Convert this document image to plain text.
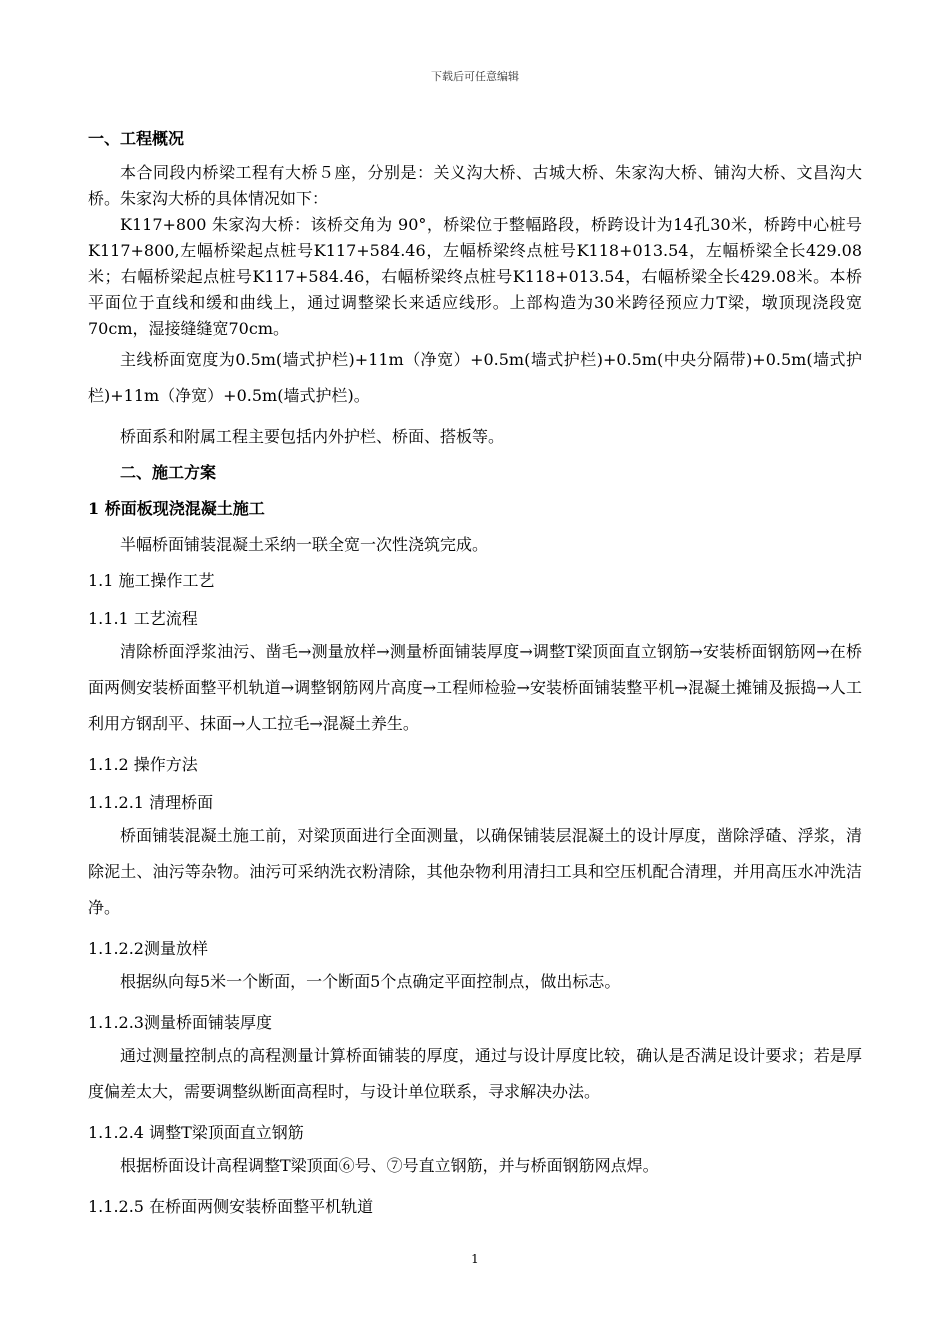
下载后可任意编辑

一、工程概况

本合同段内桥梁工程有大桥５座，分别是：关义沟大桥、古城大桥、朱家沟大桥、铺沟大桥、文昌沟大桥。朱家沟大桥的具体情况如下：

K117+800 朱家沟大桥：该桥交角为 90°，桥梁位于整幅路段，桥跨设计为14孔30米，桥跨中心桩号K117+800,左幅桥梁起点桩号K117+584.46，左幅桥梁终点桩号K118+013.54，左幅桥梁全长429.08米；右幅桥梁起点桩号K117+584.46，右幅桥梁终点桩号K118+013.54，右幅桥梁全长429.08米。本桥平面位于直线和缓和曲线上，通过调整梁长来适应线形。上部构造为30米跨径预应力T梁，墩顶现浇段宽70cm，湿接缝缝宽70cm。

主线桥面宽度为0.5m(墙式护栏)+11m（净宽）+0.5m(墙式护栏)+0.5m(中央分隔带)+0.5m(墙式护栏)+11m（净宽）+0.5m(墙式护栏)。

桥面系和附属工程主要包括内外护栏、桥面、搭板等。

二、施工方案

1 桥面板现浇混凝土施工

半幅桥面铺装混凝土采纳一联全宽一次性浇筑完成。

1.1 施工操作工艺

1.1.1 工艺流程

清除桥面浮浆油污、凿毛→测量放样→测量桥面铺装厚度→调整T梁顶面直立钢筋→安装桥面钢筋网→在桥面两侧安装桥面整平机轨道→调整钢筋网片高度→工程师检验→安装桥面铺装整平机→混凝土摊铺及振捣→人工利用方钢刮平、抹面→人工拉毛→混凝土养生。

1.1.2 操作方法

1.1.2.1 清理桥面

桥面铺装混凝土施工前，对梁顶面进行全面测量，以确保铺装层混凝土的设计厚度，凿除浮碴、浮浆，清除泥土、油污等杂物。油污可采纳洗衣粉清除，其他杂物利用清扫工具和空压机配合清理，并用高压水冲洗洁净。

1.1.2.2测量放样

根据纵向每5米一个断面，一个断面5个点确定平面控制点，做出标志。

1.1.2.3测量桥面铺装厚度

通过测量控制点的高程测量计算桥面铺装的厚度，通过与设计厚度比较，确认是否满足设计要求；若是厚度偏差太大，需要调整纵断面高程时，与设计单位联系，寻求解决办法。

1.1.2.4 调整T梁顶面直立钢筋

根据桥面设计高程调整T梁顶面⑥号、⑦号直立钢筋，并与桥面钢筋网点焊。

1.1.2.5 在桥面两侧安装桥面整平机轨道

1
